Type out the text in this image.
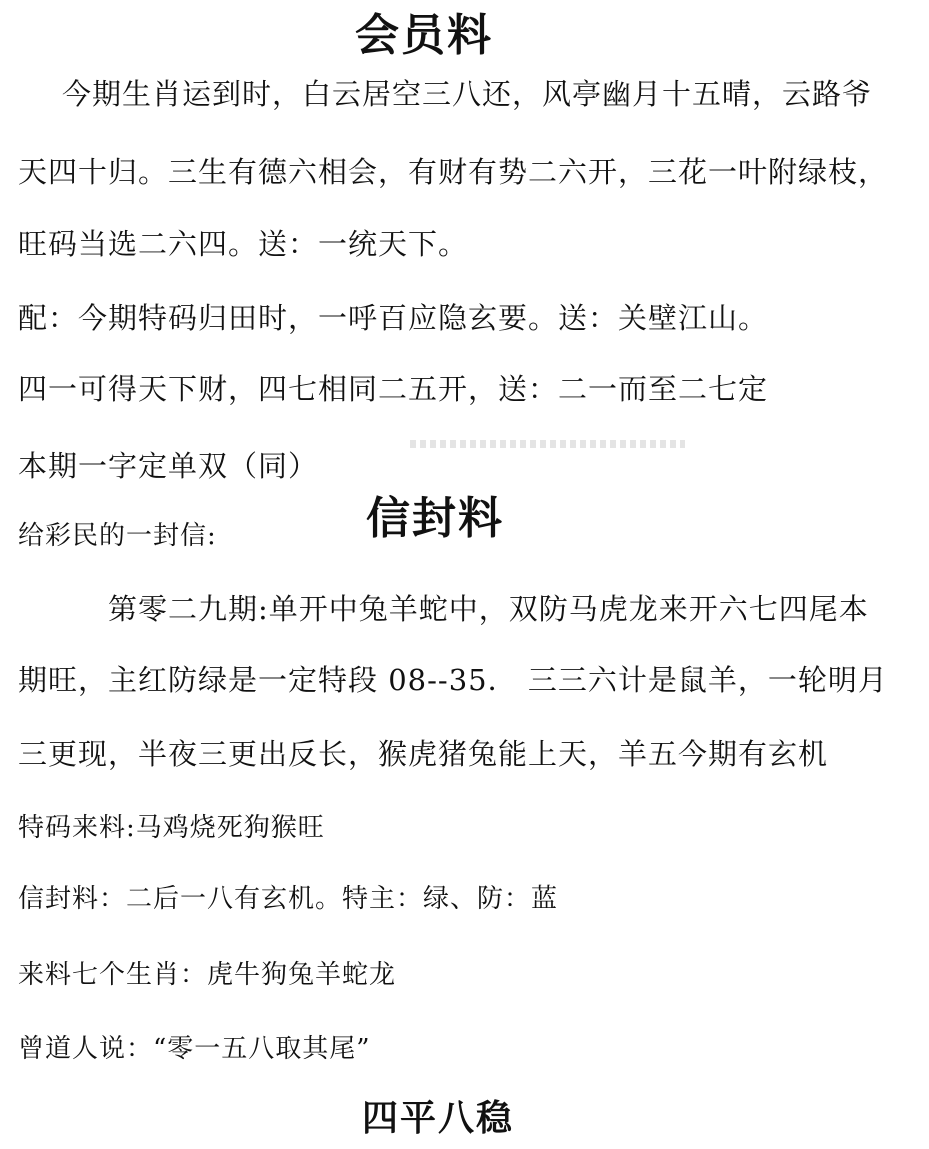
会员料
今期生肖运到时，白云居空三八还，风亭幽月十五晴，云路爷
天四十归。三生有德六相会，有财有势二六开，三花一叶附绿枝，
旺码当选二六四。送：一统天下。
配：今期特码归田时，一呼百应隐玄要。送：关壁江山。
四一可得天下财，四七相同二五开，送：二一而至二七定
本期一字定单双（同）
给彩民的一封信:	信封料
第零二九期:单开中兔羊蛇中，双防马虎龙来开六七四尾本
期旺，主红防绿是一定特段 08--35． 三三六计是鼠羊，一轮明月
三更现，半夜三更出反长，猴虎猪兔能上天，羊五今期有玄机
特码来料:马鸡烧死狗猴旺
信封料：二后一八有玄机。特主：绿、防：蓝
来料七个生肖：虎牛狗兔羊蛇龙
曾道人说：“零一五八取其尾”
四平八稳
